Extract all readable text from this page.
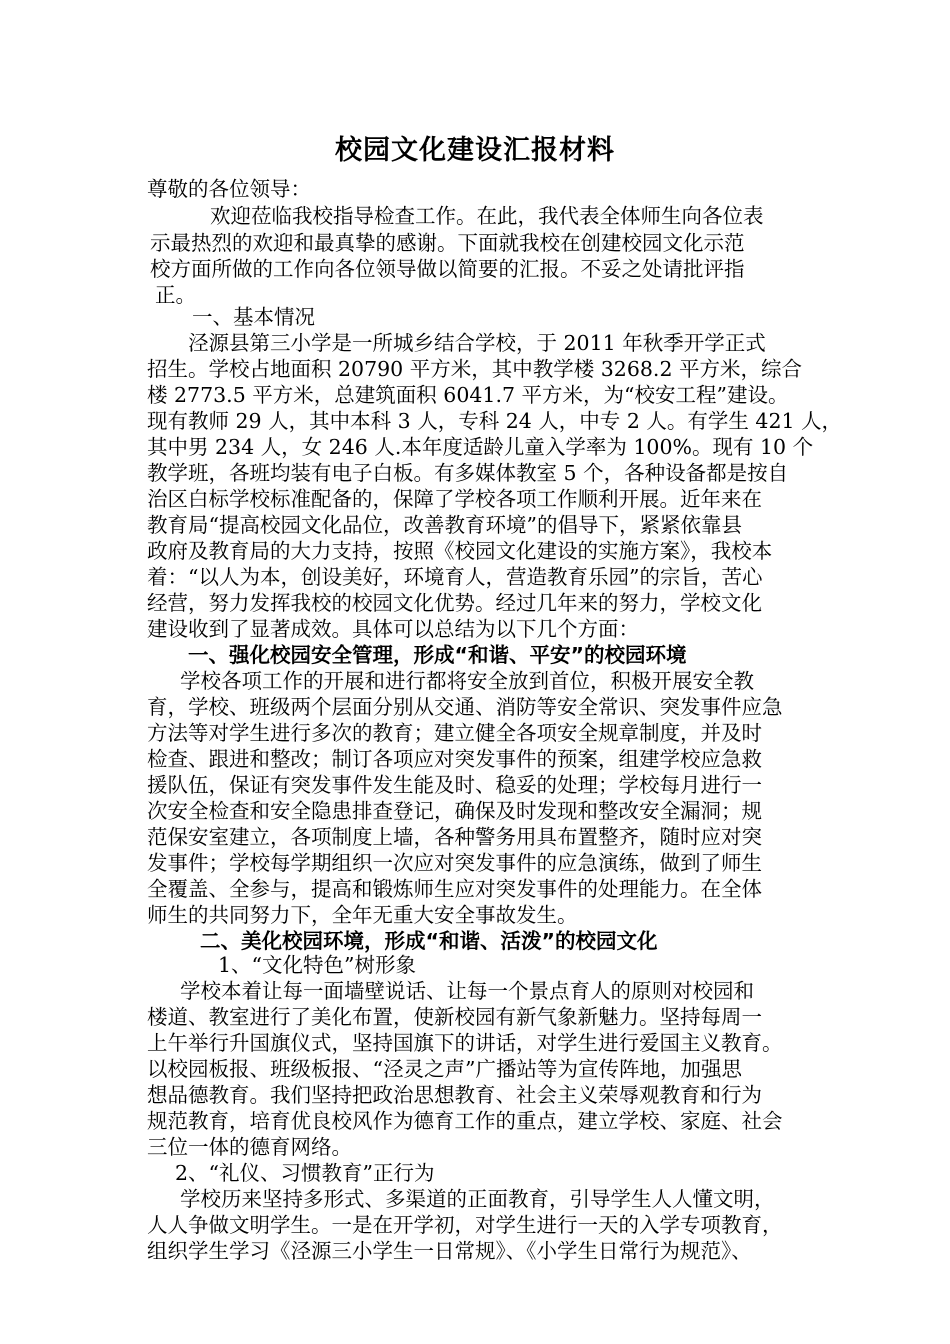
校园文化建设汇报材料
尊敬的各位领导：
欢迎莅临我校指导检查工作。在此，我代表全体师生向各位表
示最热烈的欢迎和最真挚的感谢。下面就我校在创建校园文化示范
校方面所做的工作向各位领导做以简要的汇报。不妥之处请批评指
正。
一、基本情况
泾源县第三小学是一所城乡结合学校，于 2011 年秋季开学正式
招生。学校占地面积 20790 平方米，其中教学楼 3268.2 平方米，综合
楼 2773.5 平方米，总建筑面积 6041.7 平方米，为“校安工程”建设。
现有教师 29 人，其中本科 3 人，专科 24 人，中专 2 人。有学生 421 人，
其中男 234 人，女 246 人.本年度适龄儿童入学率为 100%。现有 10 个
教学班，各班均装有电子白板。有多媒体教室 5 个，各种设备都是按自
治区白标学校标准配备的，保障了学校各项工作顺利开展。近年来在
教育局“提高校园文化品位，改善教育环境”的倡导下，紧紧依靠县
政府及教育局的大力支持，按照《校园文化建设的实施方案》，我校本
着：“以人为本，创设美好，环境育人，营造教育乐园”的宗旨，苦心
经营，努力发挥我校的校园文化优势。经过几年来的努力，学校文化
建设收到了显著成效。具体可以总结为以下几个方面：
一、强化校园安全管理，形成“和谐、平安”的校园环境
学校各项工作的开展和进行都将安全放到首位，积极开展安全教
育，学校、班级两个层面分别从交通、消防等安全常识、突发事件应急
方法等对学生进行多次的教育；建立健全各项安全规章制度，并及时
检查、跟进和整改；制订各项应对突发事件的预案，组建学校应急救
援队伍，保证有突发事件发生能及时、稳妥的处理；学校每月进行一
次安全检查和安全隐患排查登记，确保及时发现和整改安全漏洞；规
范保安室建立，各项制度上墙，各种警务用具布置整齐，随时应对突
发事件；学校每学期组织一次应对突发事件的应急演练，做到了师生
全覆盖、全参与，提高和锻炼师生应对突发事件的处理能力。在全体
师生的共同努力下，全年无重大安全事故发生。
二、美化校园环境，形成“和谐、活泼”的校园文化
1、“文化特色”树形象
学校本着让每一面墙壁说话、让每一个景点育人的原则对校园和
楼道、教室进行了美化布置，使新校园有新气象新魅力。坚持每周一
上午举行升国旗仪式，坚持国旗下的讲话，对学生进行爱国主义教育。
以校园板报、班级板报、“泾灵之声”广播站等为宣传阵地，加强思
想品德教育。我们坚持把政治思想教育、社会主义荣辱观教育和行为
规范教育，培育优良校风作为德育工作的重点，建立学校、家庭、社会
三位一体的德育网络。
2、“礼仪、习惯教育”正行为
学校历来坚持多形式、多渠道的正面教育，引导学生人人懂文明，
人人争做文明学生。一是在开学初，对学生进行一天的入学专项教育，
组织学生学习《泾源三小学生一日常规》、《小学生日常行为规范》、
